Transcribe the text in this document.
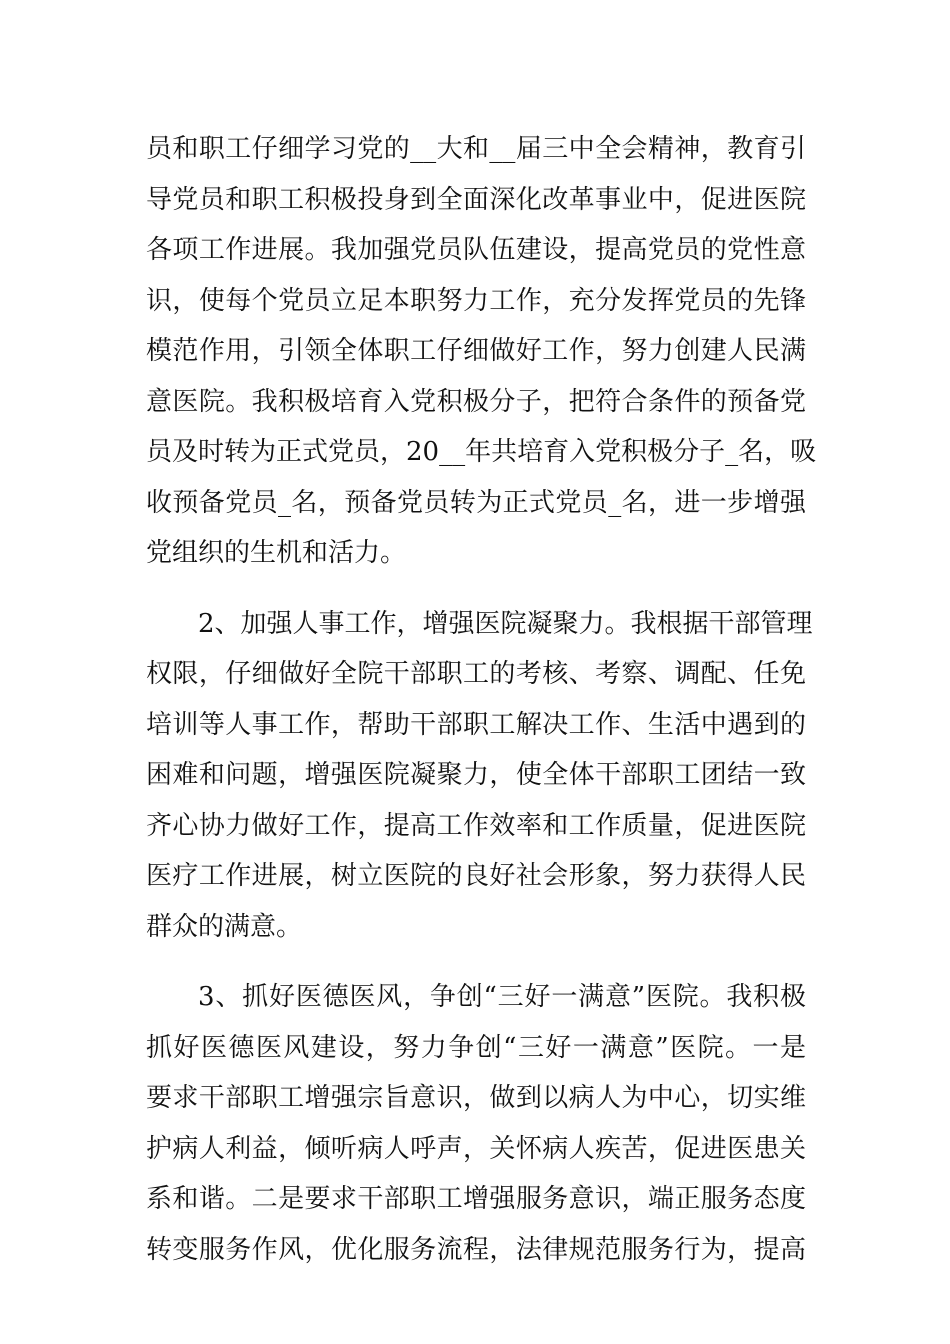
员和职工仔细学习党的__大和__届三中全会精神，教育引
导党员和职工积极投身到全面深化改革事业中，促进医院
各项工作进展。我加强党员队伍建设，提高党员的党性意
识，使每个党员立足本职努力工作，充分发挥党员的先锋
模范作用，引领全体职工仔细做好工作，努力创建人民满
意医院。我积极培育入党积极分子，把符合条件的预备党
员及时转为正式党员，20__年共培育入党积极分子_名，吸
收预备党员_名，预备党员转为正式党员_名，进一步增强
党组织的生机和活力。
2、加强人事工作，增强医院凝聚力。我根据干部管理
权限，仔细做好全院干部职工的考核、考察、调配、任免
培训等人事工作，帮助干部职工解决工作、生活中遇到的
困难和问题，增强医院凝聚力，使全体干部职工团结一致
齐心协力做好工作，提高工作效率和工作质量，促进医院
医疗工作进展，树立医院的良好社会形象，努力获得人民
群众的满意。
3、抓好医德医风，争创“三好一满意”医院。我积极
抓好医德医风建设，努力争创“三好一满意”医院。一是
要求干部职工增强宗旨意识，做到以病人为中心，切实维
护病人利益，倾听病人呼声，关怀病人疾苦，促进医患关
系和谐。二是要求干部职工增强服务意识，端正服务态度
转变服务作风，优化服务流程，法律规范服务行为，提高
